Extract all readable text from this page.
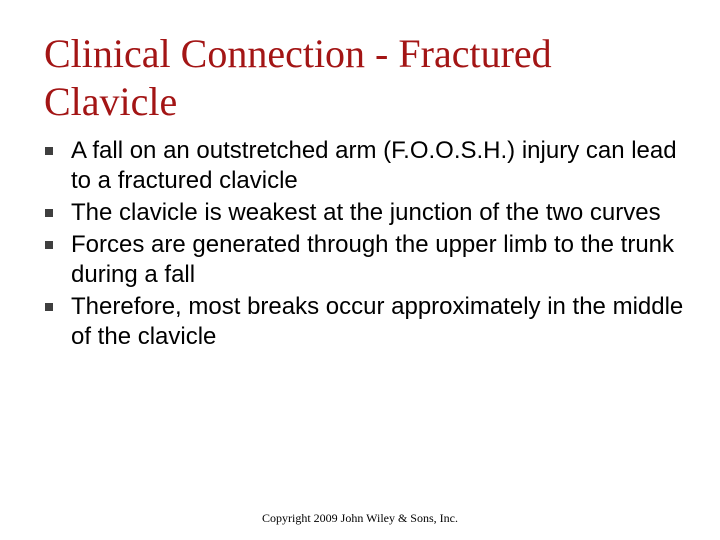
Clinical Connection - Fractured Clavicle
A fall on an outstretched arm (F.O.O.S.H.) injury can lead to a fractured clavicle
The clavicle is weakest at the junction of the two curves
Forces are generated through the upper limb to the trunk during a fall
Therefore, most breaks occur approximately in the middle of the clavicle
Copyright 2009 John Wiley & Sons, Inc.
